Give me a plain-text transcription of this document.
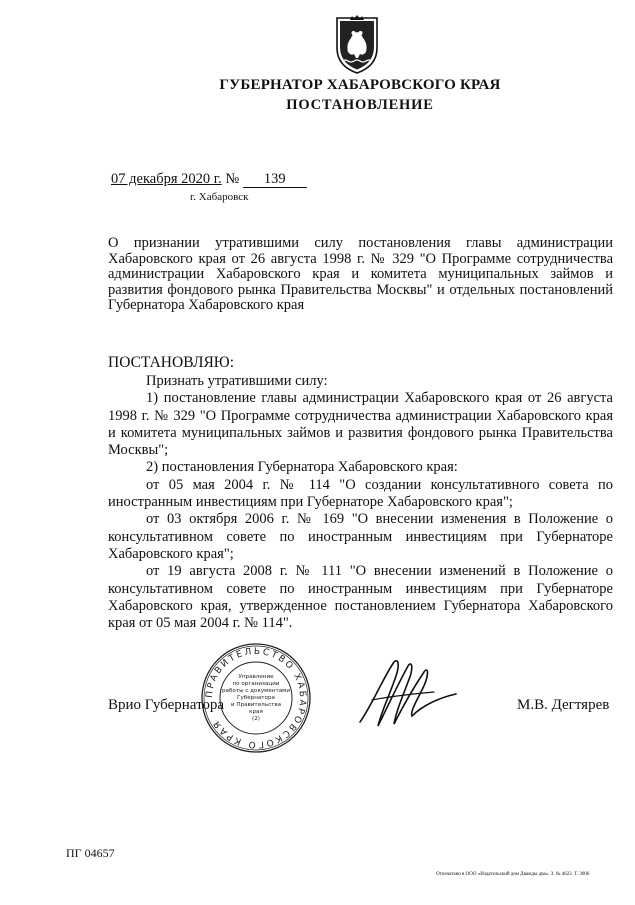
ГУБЕРНАТОР ХАБАРОВСКОГО КРАЯ
ПОСТАНОВЛЕНИЕ
07 декабря 2020 г. № 139
г. Хабаровск
О признании утратившими силу постановления главы администрации Хабаровского края от 26 августа 1998 г. № 329 "О Программе сотрудничества администрации Хабаровского края и комитета муниципальных займов и развития фондового рынка Правительства Москвы" и отдельных постановлений Губернатора Хабаровского края
ПОСТАНОВЛЯЮ:

Признать утратившими силу:

1) постановление главы администрации Хабаровского края от 26 августа 1998 г. № 329 "О Программе сотрудничества администрации Хабаровского края и комитета муниципальных займов и развития фондового рынка Правительства Москвы";

2) постановления Губернатора Хабаровского края:

от 05 мая 2004 г. № 114 "О создании консультативного совета по иностранным инвестициям при Губернаторе Хабаровского края";

от 03 октября 2006 г. № 169 "О внесении изменения в Положение о консультативном совете по иностранным инвестициям при Губернаторе Хабаровского края";

от 19 августа 2008 г. № 111 "О внесении изменений в Положение о консультативном совете по иностранным инвестициям при Губернаторе Хабаровского края, утвержденное постановлением Губернатора Хабаровского края от 05 мая 2004 г. № 114".

Врио Губернатора
ПРАВИТЕЛЬСТВО ХАБАРОВСКОГО КРАЯ
Управление
по организации
работы с документами
Губернатора
и Правительства
края
(2)
М.В. Дегтярев
ПГ 04657
Отпечатано в ООО «Издательский дом Дважды два». З. № 4622. Т. 3000
